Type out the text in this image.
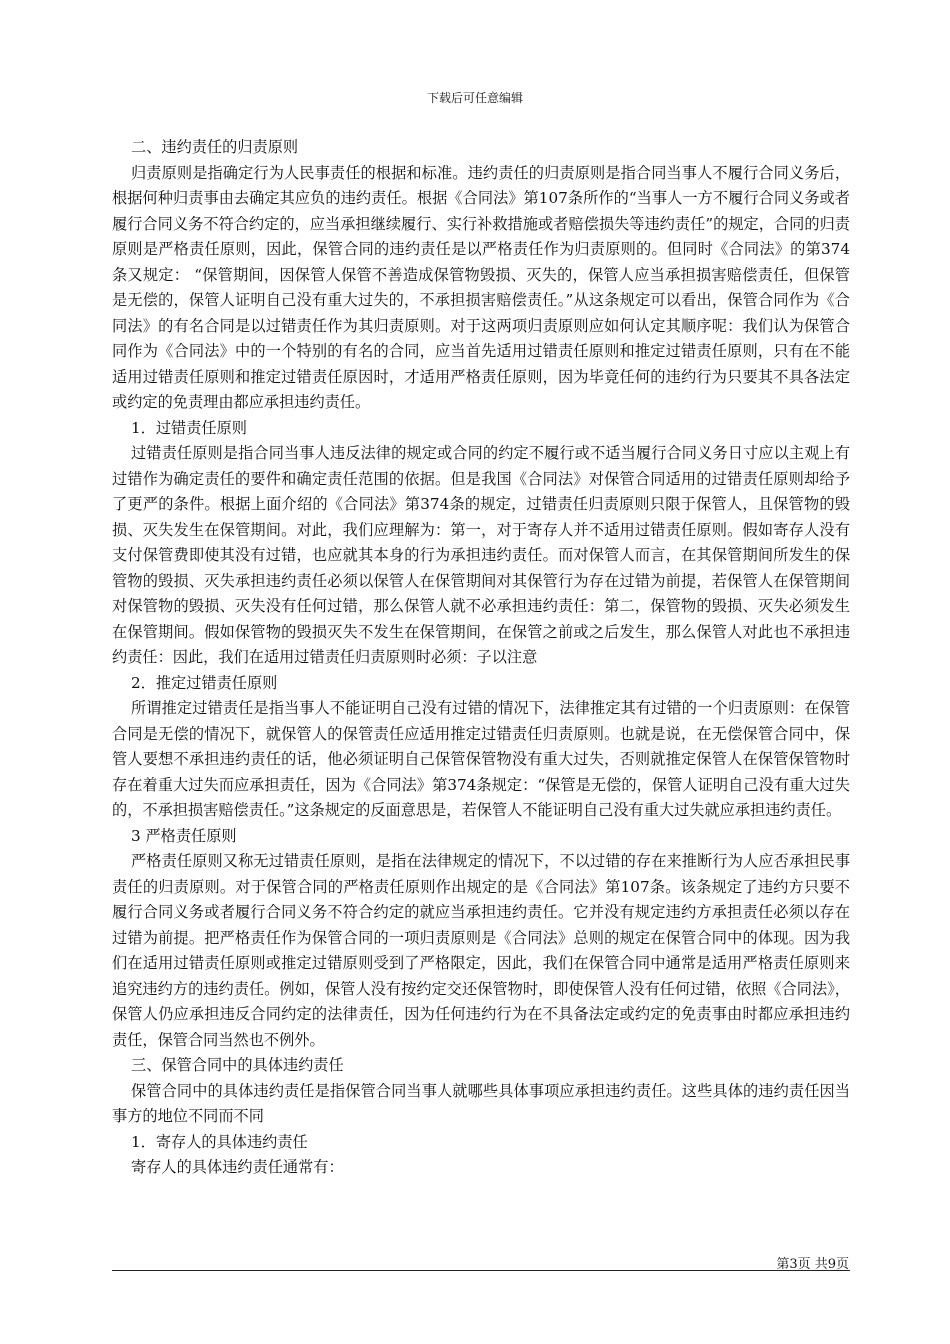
下载后可任意编辑

二、违约责任的归责原则

归责原则是指确定行为人民事责任的根据和标准。违约责任的归责原则是指合同当事人不履行合同义务后，根据何种归责事由去确定其应负的违约责任。根据《合同法》第107条所作的“当事人一方不履行合同义务或者履行合同义务不符合约定的，应当承担继续履行、实行补救措施或者赔偿损失等违约责任”的规定，合同的归责原则是严格责任原则，因此，保管合同的违约责任是以严格责任作为归责原则的。但同时《合同法》的第374条又规定： “保管期间，因保管人保管不善造成保管物毁损、灭失的，保管人应当承担损害赔偿责任，但保管是无偿的，保管人证明自己没有重大过失的，不承担损害赔偿责任。”从这条规定可以看出，保管合同作为《合同法》的有名合同是以过错责任作为其归责原则。对于这两项归责原则应如何认定其顺序呢：我们认为保管合同作为《合同法》中的一个特别的有名的合同，应当首先适用过错责任原则和推定过错责任原则，只有在不能适用过错责任原则和推定过错责任原因时，才适用严格责任原则，因为毕竟任何的违约行为只要其不具各法定或约定的免责理由都应承担违约责任。

1．过错责任原则

过错责任原则是指合同当事人违反法律的规定或合同的约定不履行或不适当履行合同义务日寸应以主观上有过错作为确定责任的要件和确定责任范围的依据。但是我国《合同法》对保管合同适用的过错责任原则却给予了更严的条件。根据上面介绍的《合同法》第374条的规定，过错责任归责原则只限于保管人，且保管物的毁损、灭失发生在保管期间。对此，我们应理解为：第一，对于寄存人并不适用过错责任原则。假如寄存人没有支付保管费即使其没有过错，也应就其本身的行为承担违约责任。而对保管人而言，在其保管期间所发生的保管物的毁损、灭失承担违约责任必须以保管人在保管期间对其保管行为存在过错为前提，若保管人在保管期间对保管物的毁损、灭失没有任何过错，那么保管人就不必承担违约责任：第二，保管物的毁损、灭失必须发生在保管期间。假如保管物的毁损灭失不发生在保管期间，在保管之前或之后发生，那么保管人对此也不承担违约责任：因此，我们在适用过错责任归责原则时必须：子以注意

2．推定过错责任原则

所谓推定过错责任是指当事人不能证明自己没有过错的情况下，法律推定其有过错的一个归责原则：在保管合同是无偿的情况下，就保管人的保管责任应适用推定过错责任归责原则。也就是说，在无偿保管合同中，保管人要想不承担违约责任的话，他必须证明自己保管保管物没有重大过失，否则就推定保管人在保管保管物时存在着重大过失而应承担责任，因为《合同法》第374条规定：“保管是无偿的，保管人证明自己没有重大过失的，不承担损害赔偿责任。”这条规定的反面意思是，若保管人不能证明自己没有重大过失就应承担违约责任。

3 严格责任原则

严格责任原则又称无过错责任原则，是指在法律规定的情况下，不以过错的存在来推断行为人应否承担民事责任的归责原则。对于保管合同的严格责任原则作出规定的是《合同法》第107条。该条规定了违约方只要不履行合同义务或者履行合同义务不符合约定的就应当承担违约责任。它并没有规定违约方承担责任必须以存在过错为前提。把严格责任作为保管合同的一项归责原则是《合同法》总则的规定在保管合同中的体现。因为我们在适用过错责任原则或推定过错原则受到了严格限定，因此，我们在保管合同中通常是适用严格责任原则来追究违约方的违约责任。例如，保管人没有按约定交还保管物时，即使保管人没有任何过错，依照《合同法》，保管人仍应承担违反合同约定的法律责任，因为任何违约行为在不具备法定或约定的免责事由时都应承担违约责任，保管合同当然也不例外。

三、保管合同中的具体违约责任

保管合同中的具体违约责任是指保管合同当事人就哪些具体事项应承担违约责任。这些具体的违约责任因当事方的地位不同而不同

1．寄存人的具体违约责任

寄存人的具体违约责任通常有：

第3页 共9页
